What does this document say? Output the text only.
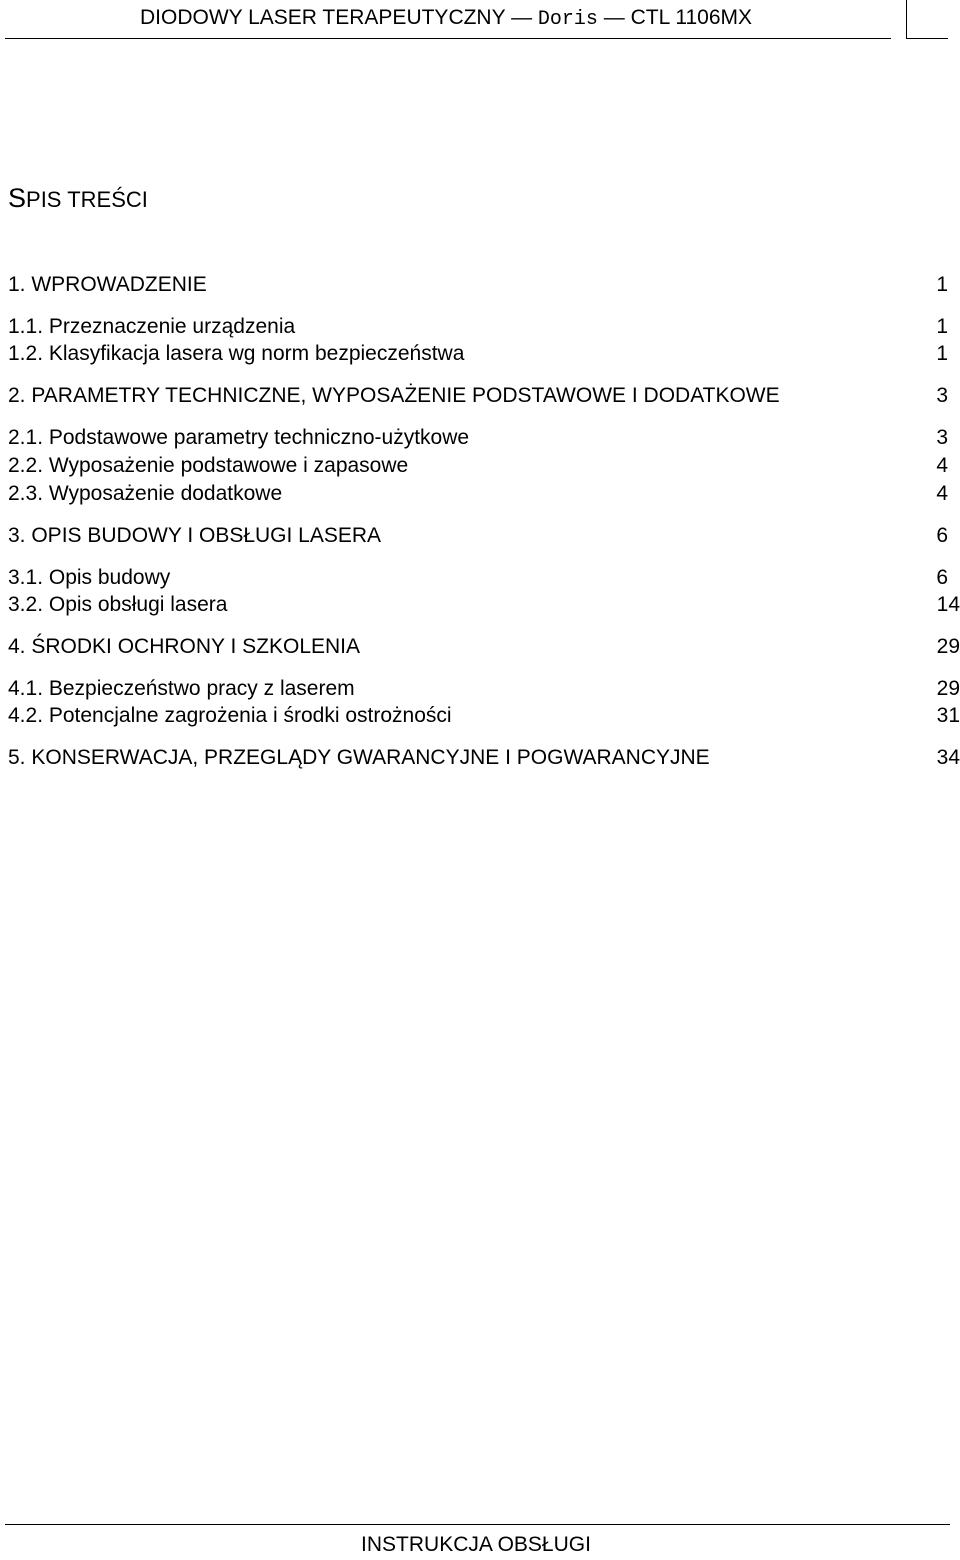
DIODOWY LASER TERAPEUTYCZNY — Doris — CTL 1106MX
SPIS TREŚCI
1. WPROWADZENIE	1
1.1. Przeznaczenie urządzenia	1
1.2. Klasyfikacja lasera wg norm bezpieczeństwa	1
2. PARAMETRY TECHNICZNE, WYPOSAŻENIE PODSTAWOWE I DODATKOWE	3
2.1. Podstawowe parametry techniczno-użytkowe	3
2.2. Wyposażenie podstawowe i zapasowe	4
2.3. Wyposażenie dodatkowe	4
3. OPIS BUDOWY I OBSŁUGI LASERA	6
3.1. Opis budowy	6
3.2. Opis obsługi lasera	14
4. ŚRODKI OCHRONY I SZKOLENIA	29
4.1. Bezpieczeństwo pracy z laserem	29
4.2. Potencjalne zagrożenia i środki ostrożności	31
5. KONSERWACJA, PRZEGLĄDY GWARANCYJNE I POGWARANCYJNE	34
INSTRUKCJA OBSŁUGI
